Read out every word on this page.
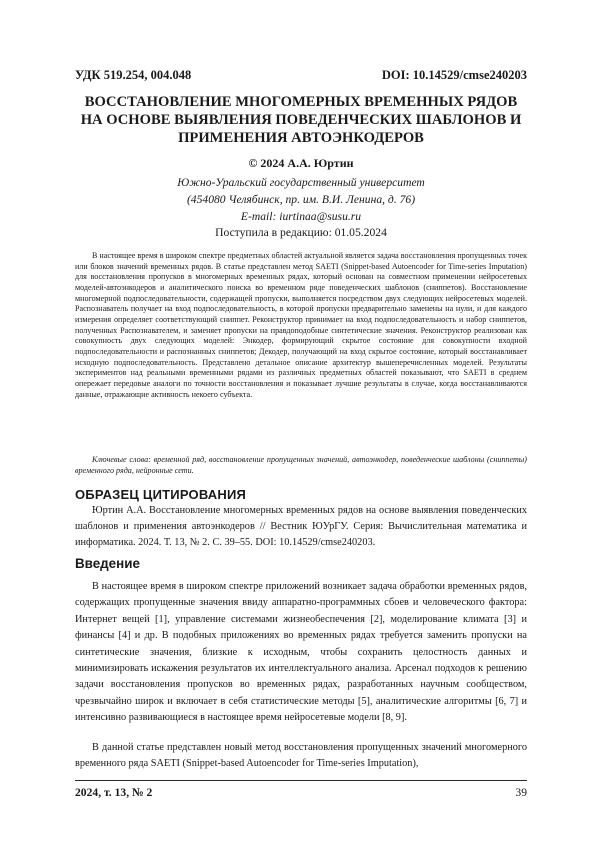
УДК 519.254, 004.048	DOI: 10.14529/cmse240203
ВОССТАНОВЛЕНИЕ МНОГОМЕРНЫХ ВРЕМЕННЫХ РЯДОВ НА ОСНОВЕ ВЫЯВЛЕНИЯ ПОВЕДЕНЧЕСКИХ ШАБЛОНОВ И ПРИМЕНЕНИЯ АВТОЭНКОДЕРОВ
© 2024 А.А. Юртин
Южно-Уральский государственный университет
(454080 Челябинск, пр. им. В.И. Ленина, д. 76)
E-mail: iurtinaa@susu.ru
Поступила в редакцию: 01.05.2024

В настоящее время в широком спектре предметных областей актуальной является задача восстановления пропущенных точек или блоков значений временных рядов. В статье представлен метод SAETI (Snippet-based Autoencoder for Time-series Imputation) для восстановления пропусков в многомерных временных рядах, который основан на совместном применении нейросетевых моделей-автоэнкодеров и аналитического поиска во временном ряде поведенческих шаблонов (сниппетов). Восстановление многомерной подпоследовательности, содержащей пропуски, выполняется посредством двух следующих нейросетевых моделей. Распознаватель получает на вход подпоследовательность, в которой пропуски предварительно заменены на нули, и для каждого измерения определяет соответствующий сниппет. Реконструктор принимает на вход подпоследовательность и набор сниппетов, полученных Распознавателем, и заменяет пропуски на правдоподобные синтетические значения. Реконструктор реализован как совокупность двух следующих моделей: Энкодер, формирующий скрытое состояние для совокупности входной подпоследовательности и распознанных сниппетов; Декодер, получающий на вход скрытое состояние, который восстанавливает исходную подпоследовательность. Представлено детальное описание архитектур вышеперечисленных моделей. Результаты экспериментов над реальными временными рядами из различных предметных областей показывают, что SAETI в среднем опережает передовые аналоги по точности восстановления и показывает лучшие результаты в случае, когда восстанавливаются данные, отражающие активность некоего субъекта.

Ключевые слова: временной ряд, восстановление пропущенных значений, автоэнкодер, поведенческие шаблоны (сниппеты) временного ряда, нейронные сети.

ОБРАЗЕЦ ЦИТИРОВАНИЯ

Юртин А.А. Восстановление многомерных временных рядов на основе выявления поведенческих шаблонов и применения автоэнкодеров // Вестник ЮУрГУ. Серия: Вычислительная математика и информатика. 2024. Т. 13, № 2. С. 39–55. DOI: 10.14529/cmse240203.

Введение

В настоящее время в широком спектре приложений возникает задача обработки временных рядов, содержащих пропущенные значения ввиду аппаратно-программных сбоев и человеческого фактора: Интернет вещей [1], управление системами жизнеобеспечения [2], моделирование климата [3] и финансы [4] и др. В подобных приложениях во временных рядах требуется заменить пропуски на синтетические значения, близкие к исходным, чтобы сохранить целостность данных и минимизировать искажения результатов их интеллектуального анализа. Арсенал подходов к решению задачи восстановления пропусков во временных рядах, разработанных научным сообществом, чрезвычайно широк и включает в себя статистические методы [5], аналитические алгоритмы [6, 7] и интенсивно развивающиеся в настоящее время нейросетевые модели [8, 9].

В данной статье представлен новый метод восстановления пропущенных значений многомерного временного ряда SAETI (Snippet-based Autoencoder for Time-series Imputation),

2024, т. 13, № 2	39
